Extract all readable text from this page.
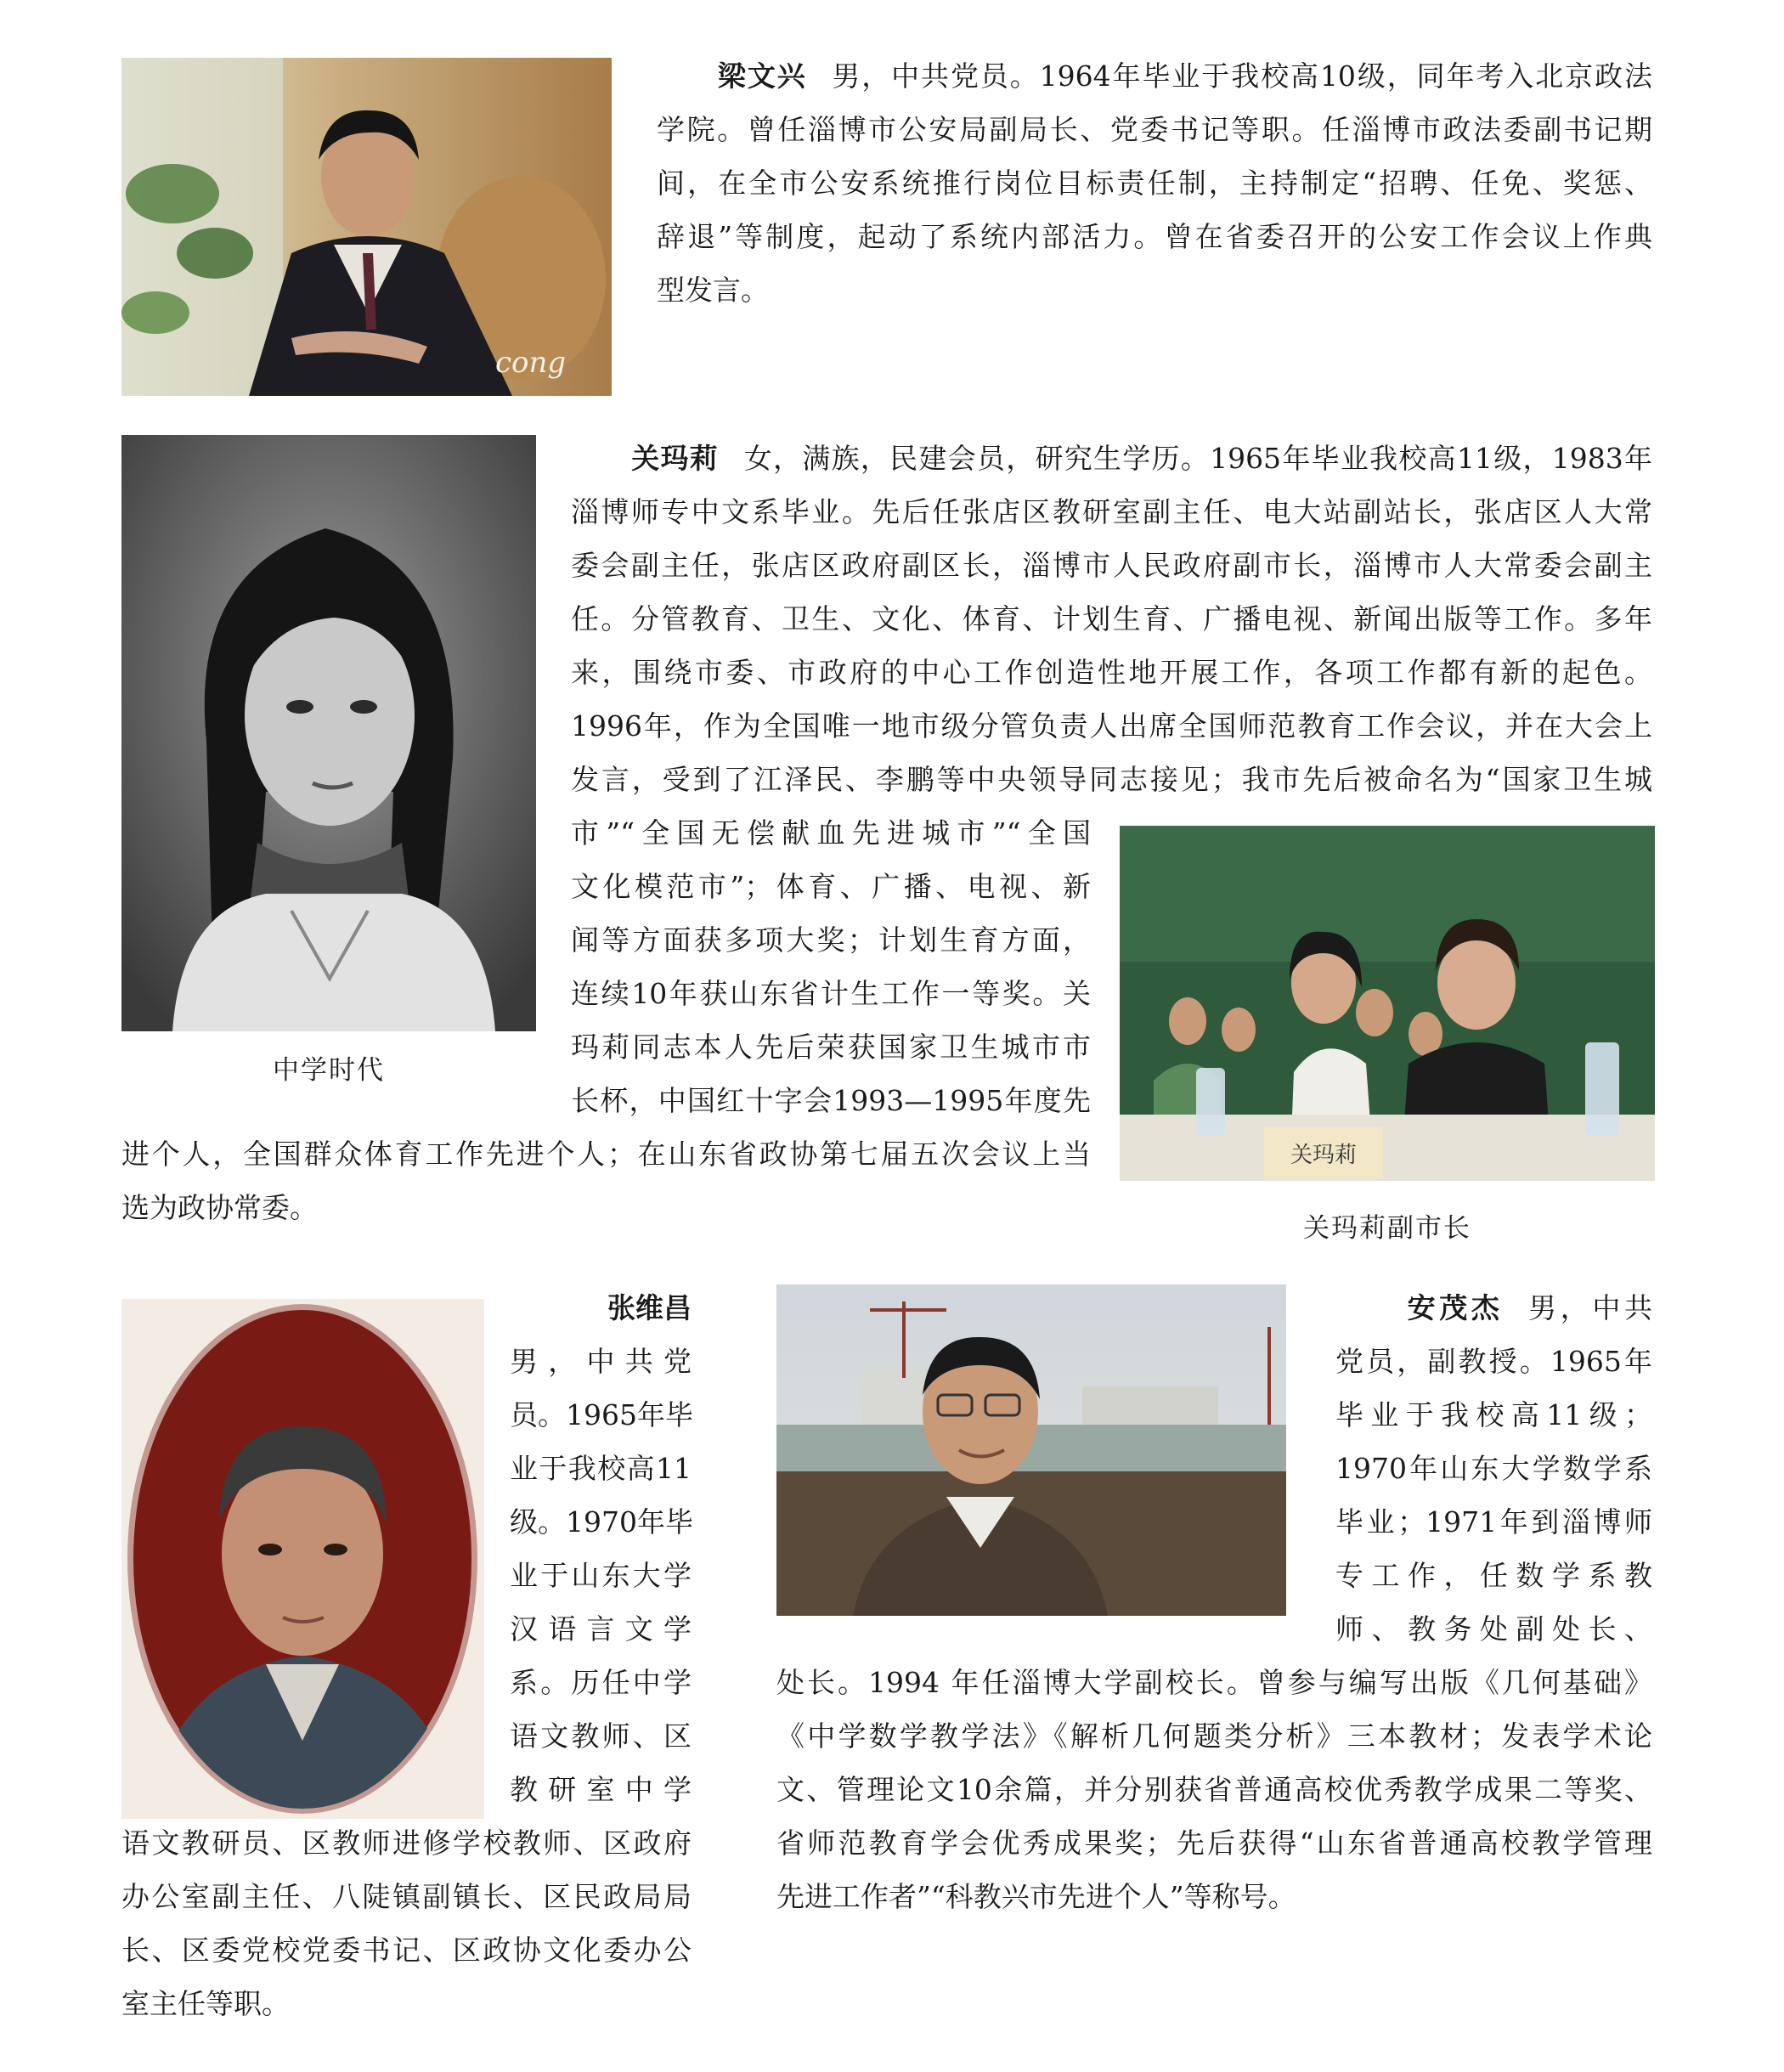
cong

梁文兴 男，中共党员。1964年毕业于我校高10级，同年考入北京政法
学院。曾任淄博市公安局副局长、党委书记等职。任淄博市政法委副书记期
间，在全市公安系统推行岗位目标责任制，主持制定“招聘、任免、奖惩、
辞退”等制度，起动了系统内部活力。曾在省委召开的公安工作会议上作典
型发言。

中学时代

关玛莉 女，满族，民建会员，研究生学历。1965年毕业我校高11级，1983年
淄博师专中文系毕业。先后任张店区教研室副主任、电大站副站长，张店区人大常
委会副主任，张店区政府副区长，淄博市人民政府副市长，淄博市人大常委会副主
任。分管教育、卫生、文化、体育、计划生育、广播电视、新闻出版等工作。多年
来，围绕市委、市政府的中心工作创造性地开展工作，各项工作都有新的起色。
1996年，作为全国唯一地市级分管负责人出席全国师范教育工作会议，并在大会上
发言，受到了江泽民、李鹏等中央领导同志接见；我市先后被命名为“国家卫生城

市”“全国无偿献血先进城市”“全国
文化模范市”；体育、广播、电视、新
闻等方面获多项大奖；计划生育方面，
连续10年获山东省计生工作一等奖。关
玛莉同志本人先后荣获国家卫生城市市
长杯，中国红十字会1993—1995年度先

进个人，全国群众体育工作先进个人；在山东省政协第七届五次会议上当
选为政协常委。

关玛莉
关玛莉副市长

张维昌
男，中共党
员。1965年毕
业于我校高11
级。1970年毕
业于山东大学
汉语言文学
系。历任中学
语文教师、区
教研室中学

语文教研员、区教师进修学校教师、区政府
办公室副主任、八陡镇副镇长、区民政局局
长、区委党校党委书记、区政协文化委办公
室主任等职。

安茂杰 男，中共
党员，副教授。1965年
毕业于我校高11级；
1970年山东大学数学系
毕业；1971年到淄博师
专工作，任数学系教
师、教务处副处长、

处长。1994 年任淄博大学副校长。曾参与编写出版《几何基础》
《中学数学教学法》《解析几何题类分析》三本教材；发表学术论
文、管理论文10余篇，并分别获省普通高校优秀教学成果二等奖、
省师范教育学会优秀成果奖；先后获得“山东省普通高校教学管理
先进工作者”“科教兴市先进个人”等称号。
